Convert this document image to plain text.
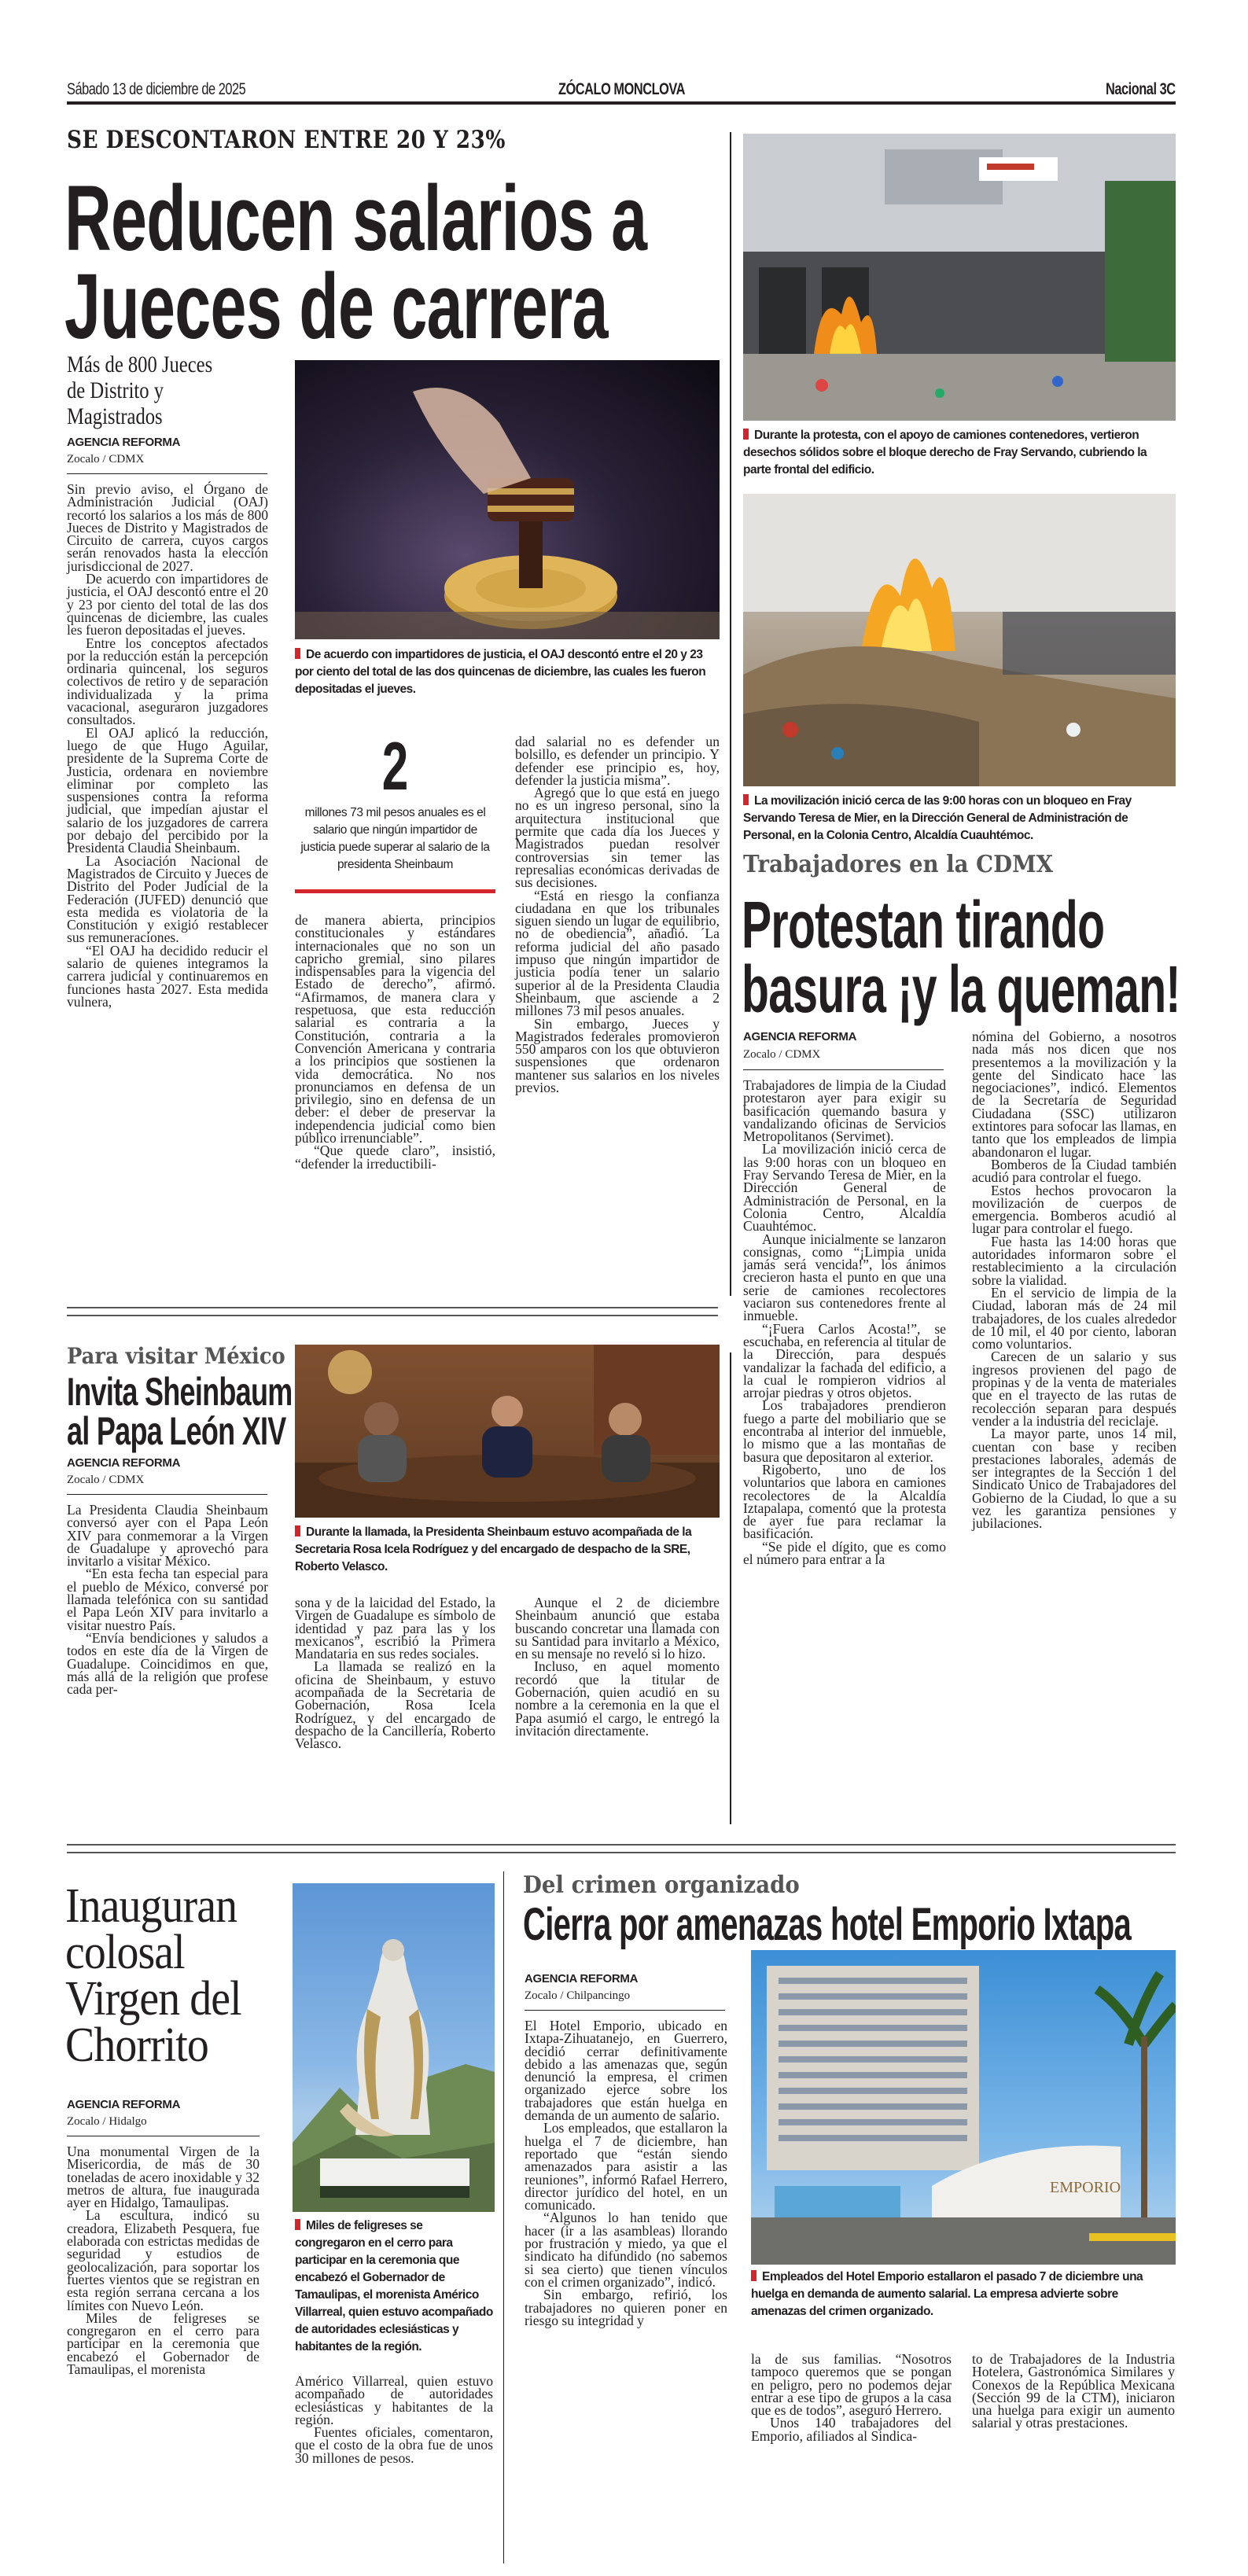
Sábado 13 de diciembre de 2025	ZÓCALO MONCLOVA	Nacional 3C
SE DESCONTARON ENTRE 20 Y 23%
Reducen salarios a
Jueces de carrera
Más de 800 Jueces de Distrito y Magistrados
AGENCIA REFORMA
Zocalo / CDMX
De acuerdo con impartidores de justicia, el OAJ descontó entre el 20 y 23 por ciento del total de las dos quincenas de diciembre, las cuales les fueron depositadas el jueves.

Sin previo aviso, el Órgano de Administración Judicial (OAJ) recortó los salarios a los más de 800 Jueces de Distrito y Magistrados de Circuito de carrera, cuyos cargos serán renovados hasta la elección jurisdiccional de 2027.

De acuerdo con impartidores de justicia, el OAJ descontó entre el 20 y 23 por ciento del total de las dos quincenas de diciembre, las cuales les fueron depositadas el jueves.

Entre los conceptos afectados por la reducción están la percepción ordinaria quincenal, los seguros colectivos de retiro y de separación individualizada y la prima vacacional, aseguraron juzgadores consultados.

El OAJ aplicó la reducción, luego de que Hugo Aguilar, presidente de la Suprema Corte de Justicia, ordenara en noviembre eliminar por completo las suspensiones contra la reforma judicial, que impedían ajustar el salario de los juzgadores de carrera por debajo del percibido por la Presidenta Claudia Sheinbaum.

La Asociación Nacional de Magistrados de Circuito y Jueces de Distrito del Poder Judicial de la Federación (JUFED) denunció que esta medida es violatoria de la Constitución y exigió restablecer sus remuneraciones.

“El OAJ ha decidido reducir el salario de quienes integramos la carrera judicial y continuaremos en funciones hasta 2027. Esta medida vulnera,

2
millones 73 mil pesos anuales es el salario que ningún impartidor de justicia puede superar al salario de la presidenta Sheinbaum

de manera abierta, principios constitucionales y estándares internacionales que no son un capricho gremial, sino pilares indispensables para la vigencia del Estado de derecho”, afirmó. “Afirmamos, de manera clara y respetuosa, que esta reducción salarial es contraria a la Constitución, contraria a la Convención Americana y contraria a los principios que sostienen la vida democrática. No nos pronunciamos en defensa de un privilegio, sino en defensa de un deber: el deber de preservar la independencia judicial como bien público irrenunciable”.

“Que quede claro”, insistió, “defender la irreductibili-

dad salarial no es defender un bolsillo, es defender un principio. Y defender ese principio es, hoy, defender la justicia misma”.

Agregó que lo que está en juego no es un ingreso personal, sino la arquitectura institucional que permite que cada día los Jueces y Magistrados puedan resolver controversias sin temer las represalias económicas derivadas de sus decisiones.

“Está en riesgo la confianza ciudadana en que los tribunales siguen siendo un lugar de equilibrio, no de obediencia”, añadió. ´La reforma judicial del año pasado impuso que ningún impartidor de justicia podía tener un salario superior al de la Presidenta Claudia Sheinbaum, que asciende a 2 millones 73 mil pesos anuales.

Sin embargo, Jueces y Magistrados federales promovieron 550 amparos con los que obtuvieron suspensiones que ordenaron mantener sus salarios en los niveles previos.

Durante la protesta, con el apoyo de camiones contenedores, vertieron desechos sólidos sobre el bloque derecho de Fray Servando, cubriendo la parte frontal del edificio.
La movilización inició cerca de las 9:00 horas con un bloqueo en Fray Servando Teresa de Mier, en la Dirección General de Administración de Personal, en la Colonia Centro, Alcaldía Cuauhtémoc.
Trabajadores en la CDMX
Protestan tirando
basura ¡y la queman!
AGENCIA REFORMA
Zocalo / CDMX

Trabajadores de limpia de la Ciudad protestaron ayer para exigir su basificación quemando basura y vandalizando oficinas de Servicios Metropolitanos (Servimet).

La movilización inició cerca de las 9:00 horas con un bloqueo en Fray Servando Teresa de Mier, en la Dirección General de Administración de Personal, en la Colonia Centro, Alcaldía Cuauhtémoc.

Aunque inicialmente se lanzaron consignas, como “¡Limpia unida jamás será vencida!”, los ánimos crecieron hasta el punto en que una serie de camiones recolectores vaciaron sus contenedores frente al inmueble.

“¡Fuera Carlos Acosta!”, se escuchaba, en referencia al titular de la Dirección, para después vandalizar la fachada del edificio, a la cual le rompieron vidrios al arrojar piedras y otros objetos.

Los trabajadores prendieron fuego a parte del mobiliario que se encontraba al interior del inmueble, lo mismo que a las montañas de basura que depositaron al exterior.

Rigoberto, uno de los voluntarios que labora en camiones recolectores de la Alcaldía Iztapalapa, comentó que la protesta de ayer fue para reclamar la basificación.

“Se pide el dígito, que es como el número para entrar a la

nómina del Gobierno, a nosotros nada más nos dicen que nos presentemos a la movilización y la gente del Sindicato hace las negociaciones”, indicó. Elementos de la Secretaría de Seguridad Ciudadana (SSC) utilizaron extintores para sofocar las llamas, en tanto que los empleados de limpia abandonaron el lugar.

Bomberos de la Ciudad también acudió para controlar el fuego.

Estos hechos provocaron la movilización de cuerpos de emergencia. Bomberos acudió al lugar para controlar el fuego.

Fue hasta las 14:00 horas que autoridades informaron sobre el restablecimiento a la circulación sobre la vialidad.

En el servicio de limpia de la Ciudad, laboran más de 24 mil trabajadores, de los cuales alrededor de 10 mil, el 40 por ciento, laboran como voluntarios.

Carecen de un salario y sus ingresos provienen del pago de propinas y de la venta de materiales que en el trayecto de las rutas de recolección separan para después vender a la industria del reciclaje.

La mayor parte, unos 14 mil, cuentan con base y reciben prestaciones laborales, además de ser integrantes de la Sección 1 del Sindicato Único de Trabajadores del Gobierno de la Ciudad, lo que a su vez les garantiza pensiones y jubilaciones.

Para visitar México
Invita Sheinbaum
al Papa León XIV
AGENCIA REFORMA
Zocalo / CDMX

La Presidenta Claudia Sheinbaum conversó ayer con el Papa León XIV para conmemorar a la Virgen de Guadalupe y aprovechó para invitarlo a visitar México.

“En esta fecha tan especial para el pueblo de México, conversé por llamada telefónica con su santidad el Papa León XIV para invitarlo a visitar nuestro País.

“Envía bendiciones y saludos a todos en este día de la Virgen de Guadalupe. Coincidimos en que, más allá de la religión que profese cada per-

Durante la llamada, la Presidenta Sheinbaum estuvo acompañada de la Secretaria Rosa Icela Rodríguez y del encargado de despacho de la SRE, Roberto Velasco.

sona y de la laicidad del Estado, la Virgen de Guadalupe es símbolo de identidad y paz para las y los mexicanos”, escribió la Primera Mandataria en sus redes sociales.

La llamada se realizó en la oficina de Sheinbaum, y estuvo acompañada de la Secretaria de Gobernación, Rosa Icela Rodríguez, y del encargado de despacho de la Cancillería, Roberto Velasco.

Aunque el 2 de diciembre Sheinbaum anunció que estaba buscando concretar una llamada con su Santidad para invitarlo a México, en su mensaje no reveló si lo hizo.

Incluso, en aquel momento recordó que la titular de Gobernación, quien acudió en su nombre a la ceremonia en la que el Papa asumió el cargo, le entregó la invitación directamente.

Inauguran
colosal
Virgen del
Chorrito
AGENCIA REFORMA
Zocalo / Hidalgo

Una monumental Virgen de la Misericordia, de más de 30 toneladas de acero inoxidable y 32 metros de altura, fue inaugurada ayer en Hidalgo, Tamaulipas.

La escultura, indicó su creadora, Elizabeth Pesquera, fue elaborada con estrictas medidas de seguridad y estudios de geolocalización, para soportar los fuertes vientos que se registran en esta región serrana cercana a los límites con Nuevo León.

Miles de feligreses se congregaron en el cerro para participar en la ceremonia que encabezó el Gobernador de Tamaulipas, el morenista

Miles de feligreses se congregaron en el cerro para participar en la ceremonia que encabezó el Gobernador de Tamaulipas, el morenista Américo Villarreal, quien estuvo acompañado de autoridades eclesiásticas y habitantes de la región.

Américo Villarreal, quien estuvo acompañado de autoridades eclesiásticas y habitantes de la región.

Fuentes oficiales, comentaron, que el costo de la obra fue de unos 30 millones de pesos.

Del crimen organizado
Cierra por amenazas hotel Emporio Ixtapa
AGENCIA REFORMA
Zocalo / Chilpancingo

El Hotel Emporio, ubicado en Ixtapa-Zihuatanejo, en Guerrero, decidió cerrar definitivamente debido a las amenazas que, según denunció la empresa, el crimen organizado ejerce sobre los trabajadores que están huelga en demanda de un aumento de salario.

Los empleados, que estallaron la huelga el 7 de diciembre, han reportado que “están siendo amenazados para asistir a las reuniones”, informó Rafael Herrero, director jurídico del hotel, en un comunicado.

“Algunos lo han tenido que hacer (ir a las asambleas) llorando por frustración y miedo, ya que el sindicato ha difundido (no sabemos si sea cierto) que tienen vínculos con el crimen organizado”, indicó.

Sin embargo, refirió, los trabajadores no quieren poner en riesgo su integridad y

EMPORIO
Empleados del Hotel Emporio estallaron el pasado 7 de diciembre una huelga en demanda de aumento salarial. La empresa advierte sobre amenazas del crimen organizado.

la de sus familias. “Nosotros tampoco queremos que se pongan en peligro, pero no podemos dejar entrar a ese tipo de grupos a la casa que es de todos”, aseguró Herrero.

Unos 140 trabajadores del Emporio, afiliados al Sindica-

to de Trabajadores de la Industria Hotelera, Gastronómica Similares y Conexos de la República Mexicana (Sección 99 de la CTM), iniciaron una huelga para exigir un aumento salarial y otras prestaciones.
